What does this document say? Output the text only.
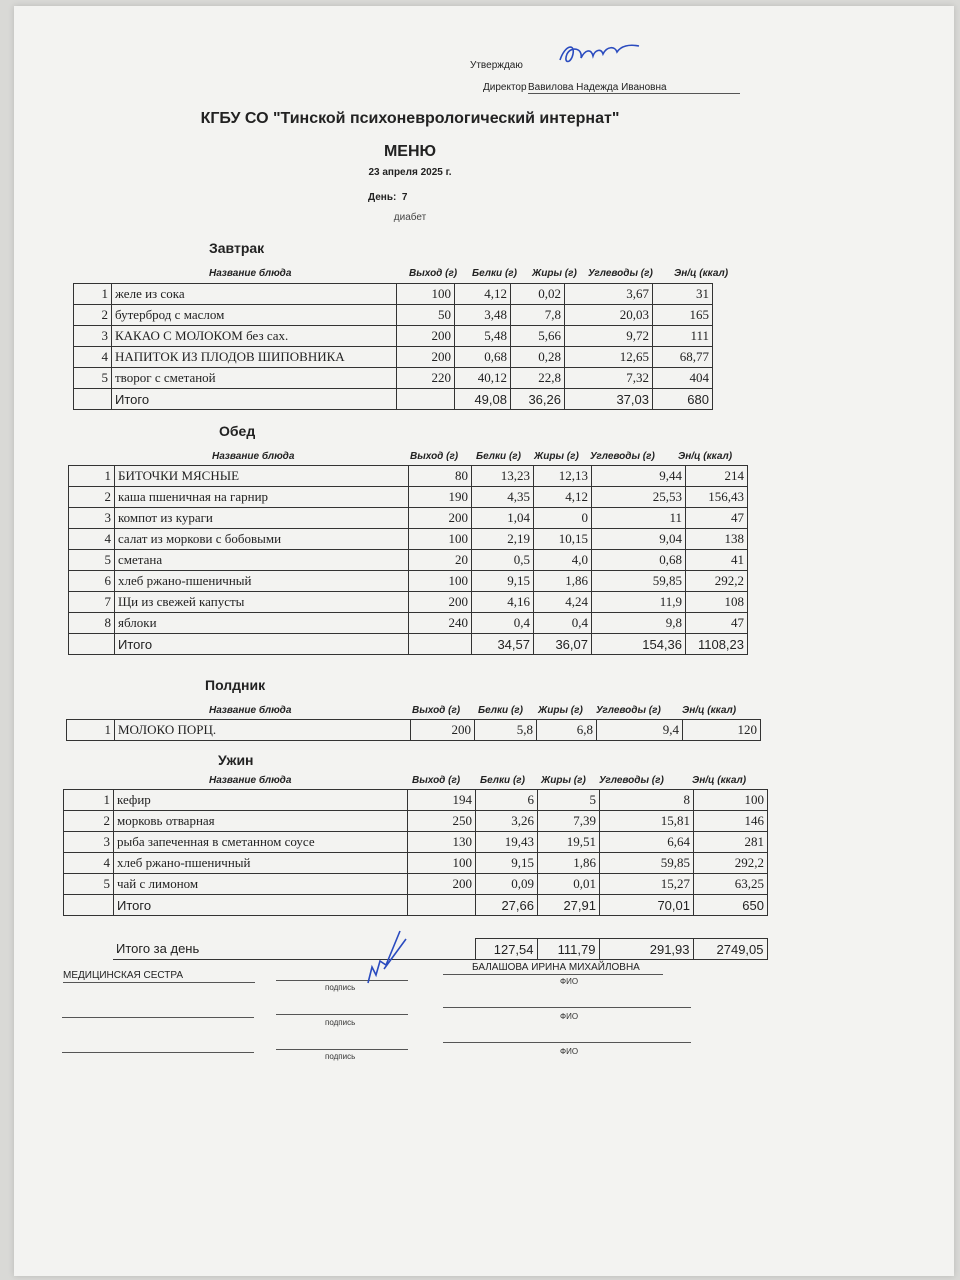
Утверждаю
Директор Вавилова Надежда Ивановна
КГБУ СО "Тинской психоневрологический интернат"
МЕНЮ
23 апреля 2025 г.
День: 7
диабет
Завтрак
Название блюда	Выход (г)	Белки (г)	Жиры (г)	Углеводы (г)	Эн/ц (ккал)
1	желе из сока	100	4,12	0,02	3,67	31
2	бутерброд с маслом	50	3,48	7,8	20,03	165
3	КАКАО С МОЛОКОМ без сах.	200	5,48	5,66	9,72	111
4	НАПИТОК ИЗ ПЛОДОВ ШИПОВНИКА	200	0,68	0,28	12,65	68,77
5	творог с сметаной	220	40,12	22,8	7,32	404
	Итого		49,08	36,26	37,03	680
Обед
Название блюда	Выход (г)	Белки (г)	Жиры (г)	Углеводы (г)	Эн/ц (ккал)
1	БИТОЧКИ МЯСНЫЕ	80	13,23	12,13	9,44	214
2	каша пшеничная на гарнир	190	4,35	4,12	25,53	156,43
3	компот из кураги	200	1,04	0	11	47
4	салат из моркови с бобовыми	100	2,19	10,15	9,04	138
5	сметана	20	0,5	4,0	0,68	41
6	хлеб ржано-пшеничный	100	9,15	1,86	59,85	292,2
7	Щи из свежей капусты	200	4,16	4,24	11,9	108
8	яблоки	240	0,4	0,4	9,8	47
	Итого		34,57	36,07	154,36	1108,23
Полдник
Название блюда	Выход (г)	Белки (г)	Жиры (г)	Углеводы (г)	Эн/ц (ккал)
1	МОЛОКО ПОРЦ.	200	5,8	6,8	9,4	120
Ужин
Название блюда	Выход (г)	Белки (г)	Жиры (г)	Углеводы (г)	Эн/ц (ккал)
1	кефир	194	6	5	8	100
2	морковь отварная	250	3,26	7,39	15,81	146
3	рыба запеченная в сметанном соусе	130	19,43	19,51	6,64	281
4	хлеб ржано-пшеничный	100	9,15	1,86	59,85	292,2
5	чай с лимоном	200	0,09	0,01	15,27	63,25
	Итого		27,66	27,91	70,01	650
Итого за день		127,54	111,79	291,93	2749,05
МЕДИЦИНСКАЯ СЕСТРА
подпись
БАЛАШОВА ИРИНА МИХАЙЛОВНА
ФИО
подпись
ФИО
подпись
ФИО
